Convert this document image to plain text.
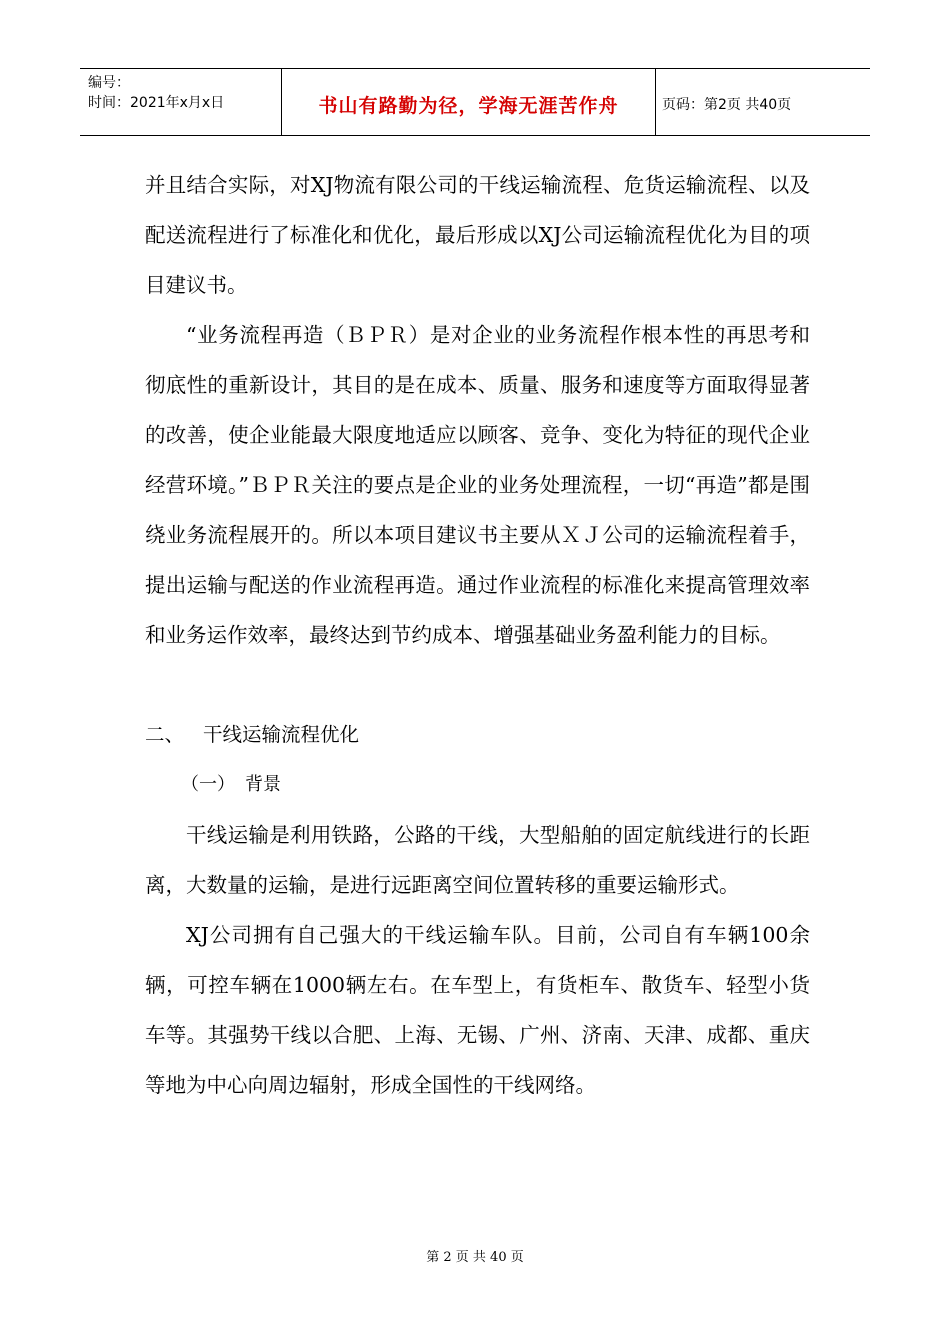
编号：
时间：2021年x月x日	书山有路勤为径，学海无涯苦作舟	页码：第2页 共40页

并且结合实际，对XJ物流有限公司的干线运输流程、危货运输流程、以及配送流程进行了标准化和优化，最后形成以XJ公司运输流程优化为目的项目建议书。

“业务流程再造（ＢＰＲ）是对企业的业务流程作根本性的再思考和彻底性的重新设计，其目的是在成本、质量、服务和速度等方面取得显著的改善，使企业能最大限度地适应以顾客、竞争、变化为特征的现代企业经营环境。”ＢＰＲ关注的要点是企业的业务处理流程，一切“再造”都是围绕业务流程展开的。所以本项目建议书主要从ＸＪ公司的运输流程着手，提出运输与配送的作业流程再造。通过作业流程的标准化来提高管理效率和业务运作效率，最终达到节约成本、增强基础业务盈利能力的目标。

二、 干线运输流程优化

（一） 背景

干线运输是利用铁路，公路的干线，大型船舶的固定航线进行的长距离，大数量的运输，是进行远距离空间位置转移的重要运输形式。

XJ公司拥有自己强大的干线运输车队。目前，公司自有车辆100余辆，可控车辆在1000辆左右。在车型上，有货柜车、散货车、轻型小货车等。其强势干线以合肥、上海、无锡、广州、济南、天津、成都、重庆等地为中心向周边辐射，形成全国性的干线网络。

第 2 页 共 40 页
